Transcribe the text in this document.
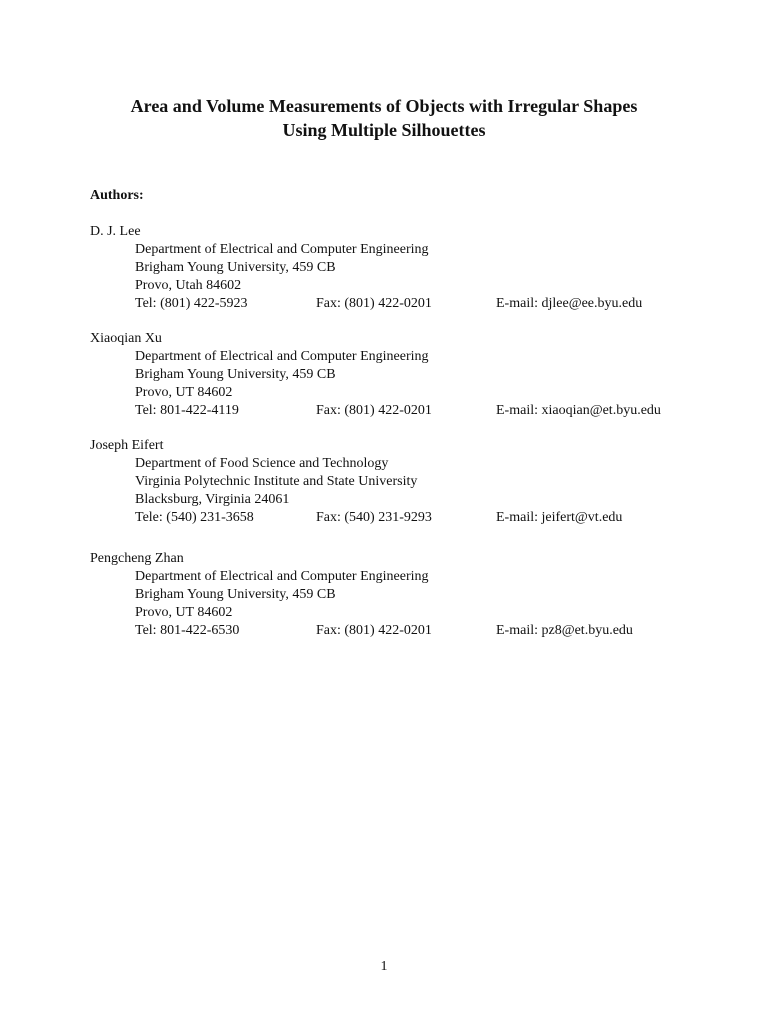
Area and Volume Measurements of Objects with Irregular Shapes
Using Multiple Silhouettes
Authors:
D. J. Lee
Department of Electrical and Computer Engineering
Brigham Young University, 459 CB
Provo, Utah 84602
Tel: (801) 422-5923	Fax: (801) 422-0201	E-mail: djlee@ee.byu.edu
Xiaoqian Xu
Department of Electrical and Computer Engineering
Brigham Young University, 459 CB
Provo, UT 84602
Tel: 801-422-4119	Fax: (801) 422-0201	E-mail: xiaoqian@et.byu.edu
Joseph Eifert
Department of Food Science and Technology
Virginia Polytechnic Institute and State University
Blacksburg, Virginia 24061
Tele: (540) 231-3658	Fax: (540) 231-9293	E-mail: jeifert@vt.edu
Pengcheng Zhan
Department of Electrical and Computer Engineering
Brigham Young University, 459 CB
Provo, UT 84602
Tel: 801-422-6530	Fax: (801) 422-0201	E-mail: pz8@et.byu.edu
1
